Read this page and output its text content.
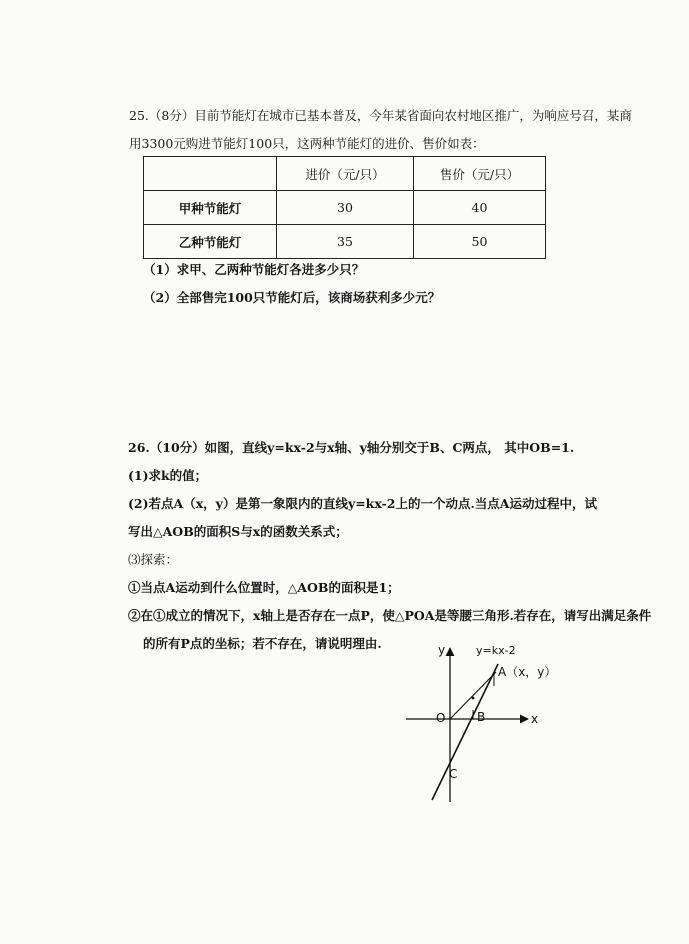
25.（8分）目前节能灯在城市已基本普及，今年某省面向农村地区推广，为响应号召，某商
用3300元购进节能灯100只，这两种节能灯的进价、售价如表：
	进价（元/只）	售价（元/只）
甲种节能灯	30	40
乙种节能灯	35	50
（1）求甲、乙两种节能灯各进多少只？
（2）全部售完100只节能灯后，该商场获利多少元？
26.（10分）如图，直线y=kx-2与x轴、y轴分别交于B、C两点， 其中OB=1.
(1)求k的值；
(2)若点A（x，y）是第一象限内的直线y=kx-2上的一个动点.当点A运动过程中，试
写出△AOB的面积S与x的函数关系式；
⑶探索：
①当点A运动到什么位置时，△AOB的面积是1；
②在①成立的情况下，x轴上是否存在一点P，使△POA是等腰三角形.若存在，请写出满足条件
的所有P点的坐标；若不存在，请说明理由.	y	y=kx-2
A（x，y）
O	B	x
C
